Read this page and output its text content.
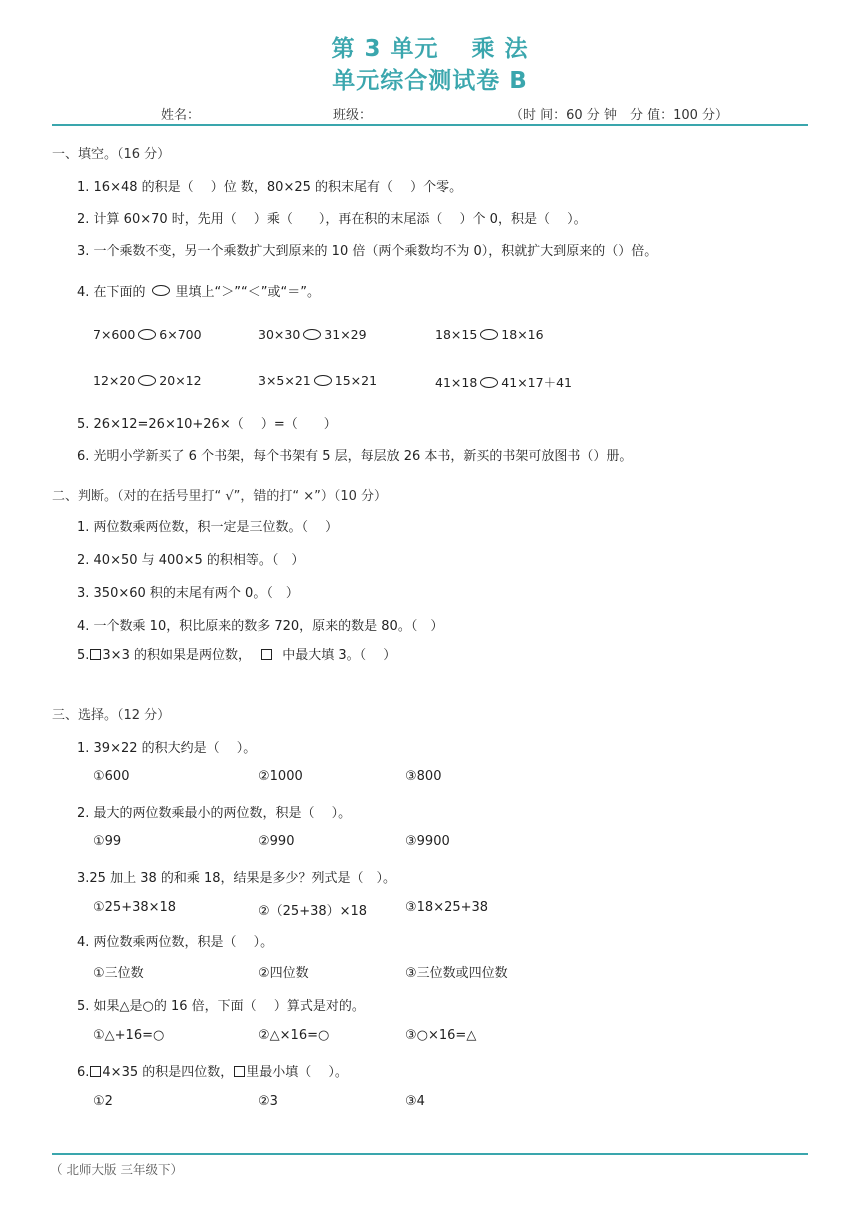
第 3 单元　 乘 法
单元综合测试卷 B
姓名：	班级：	（时 间：60 分 钟　分 值：100 分）
一、填空。（16 分）
1. 16×48 的积是（　 ）位 数，80×25 的积末尾有（　 ）个零。
2. 计算 60×70 时，先用（　 ）乘（　　），再在积的末尾添（　 ）个 0，积是（　 ）。
3. 一个乘数不变，另一个乘数扩大到原来的 10 倍（两个乘数均不为 0），积就扩大到原来的（）倍。
4. 在下面的 里填上“＞”“＜”或“＝”。
7×600 6×700	30×30 31×29	18×15 18×16
12×20 20×12	3×5×21 15×21	41×18 41×17＋41
5. 26×12=26×10+26×（　 ）=（　　）
6. 光明小学新买了 6 个书架，每个书架有 5 层，每层放 26 本书，新买的书架可放图书（）册。
二、判断。（对的在括号里打“ √”，错的打“ ×”）（10 分）
1. 两位数乘两位数，积一定是三位数。（　 ）
2. 40×50 与 400×5 的积相等。（　）
3. 350×60 积的末尾有两个 0。（　）
4. 一个数乘 10，积比原来的数多 720，原来的数是 80。（　）
5. 3×3 的积如果是两位数， 中最大填 3。（　 ）
三、选择。（12 分）
1. 39×22 的积大约是（　 ）。
①600	②1000	③800
2. 最大的两位数乘最小的两位数，积是（　 ）。
①99	②990	③9900
3.25 加上 38 的和乘 18，结果是多少？列式是（　）。
①25+38×18	②（25+38）×18	③18×25+38
4. 两位数乘两位数，积是（　 ）。
①三位数	②四位数	③三位数或四位数
5. 如果△是○的 16 倍，下面（　 ）算式是对的。
①△+16=○	②△×16=○	③○×16=△
6. 4×35 的积是四位数， 里最小填（　 ）。
①2	②3	③4
（ 北师大版 三年级下）
